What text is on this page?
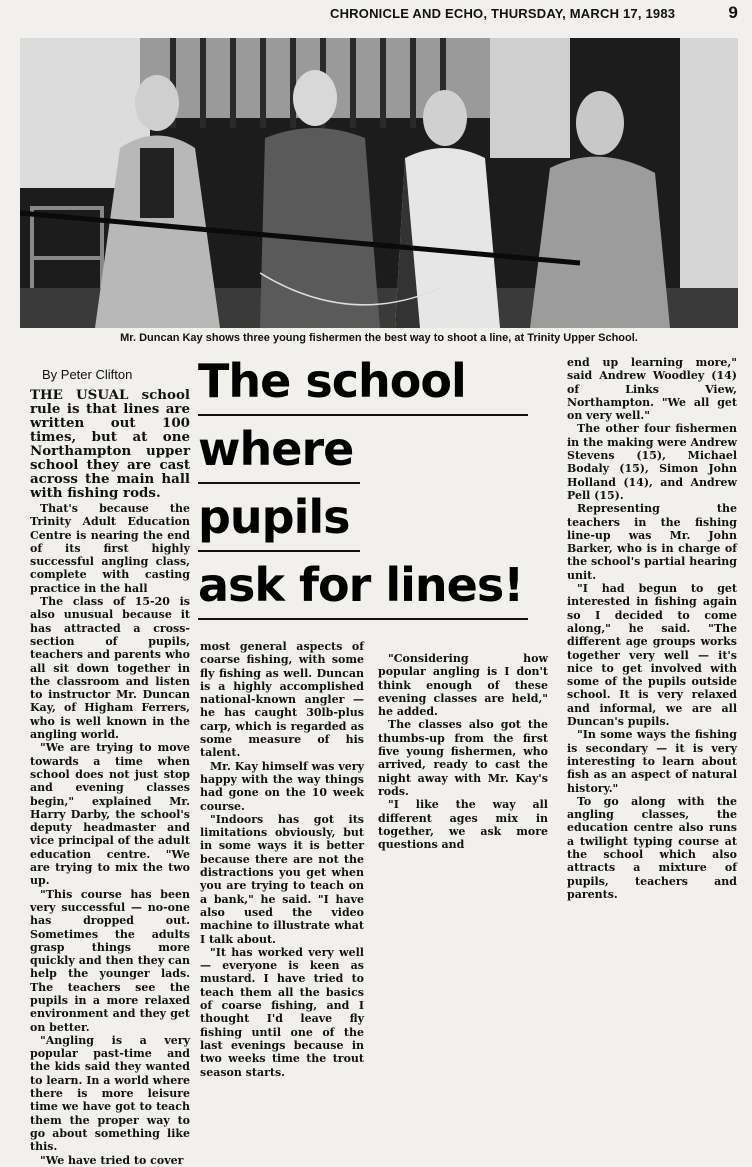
CHRONICLE AND ECHO, THURSDAY, MARCH 17, 1983	9
Mr. Duncan Kay shows three young fishermen the best way to shoot a line, at Trinity Upper School.
By Peter Clifton The school
where
pupils
ask for lines!

THE USUAL school rule is that lines are written out 100 times, but at one Northampton upper school they are cast across the main hall with fishing rods.

That's because the Trinity Adult Education Centre is nearing the end of its first highly successful angling class, complete with casting practice in the hall

The class of 15-20 is also unusual because it has attracted a cross-section of pupils, teachers and parents who all sit down together in the classroom and listen to instructor Mr. Duncan Kay, of Higham Ferrers, who is well known in the angling world.

"We are trying to move towards a time when school does not just stop and evening classes begin," explained Mr. Harry Darby, the school's deputy headmaster and vice principal of the adult education centre. "We are trying to mix the two up.

"This course has been very successful — no-one has dropped out. Sometimes the adults grasp things more quickly and then they can help the younger lads. The teachers see the pupils in a more relaxed environment and they get on better.

"Angling is a very popular past-time and the kids said they wanted to learn. In a world where there is more leisure time we have got to teach them the proper way to go about something like this.

"We have tried to cover

most general aspects of coarse fishing, with some fly fishing as well. Duncan is a highly accomplished national-known angler — he has caught 30lb-plus carp, which is regarded as some measure of his talent.

Mr. Kay himself was very happy with the way things had gone on the 10 week course.

"Indoors has got its limitations obviously, but in some ways it is better because there are not the distractions you get when you are trying to teach on a bank," he said. "I have also used the video machine to illustrate what I talk about.

"It has worked very well — everyone is keen as mustard. I have tried to teach them all the basics of coarse fishing, and I thought I'd leave fly fishing until one of the last evenings because in two weeks time the trout season starts.

"Considering how popular angling is I don't think enough of these evening classes are held," he added.

The classes also got the thumbs-up from the first five young fishermen, who arrived, ready to cast the night away with Mr. Kay's rods.

"I like the way all different ages mix in together, we ask more questions and

end up learning more," said Andrew Woodley (14) of Links View, Northampton. "We all get on very well."

The other four fishermen in the making were Andrew Stevens (15), Michael Bodaly (15), Simon John Holland (14), and Andrew Pell (15).

Representing the teachers in the fishing line-up was Mr. John Barker, who is in charge of the school's partial hearing unit.

"I had begun to get interested in fishing again so I decided to come along," he said. "The different age groups works together very well — it's nice to get involved with some of the pupils outside school. It is very relaxed and informal, we are all Duncan's pupils.

"In some ways the fishing is secondary — it is very interesting to learn about fish as an aspect of natural history."

To go along with the angling classes, the education centre also runs a twilight typing course at the school which also attracts a mixture of pupils, teachers and parents.
